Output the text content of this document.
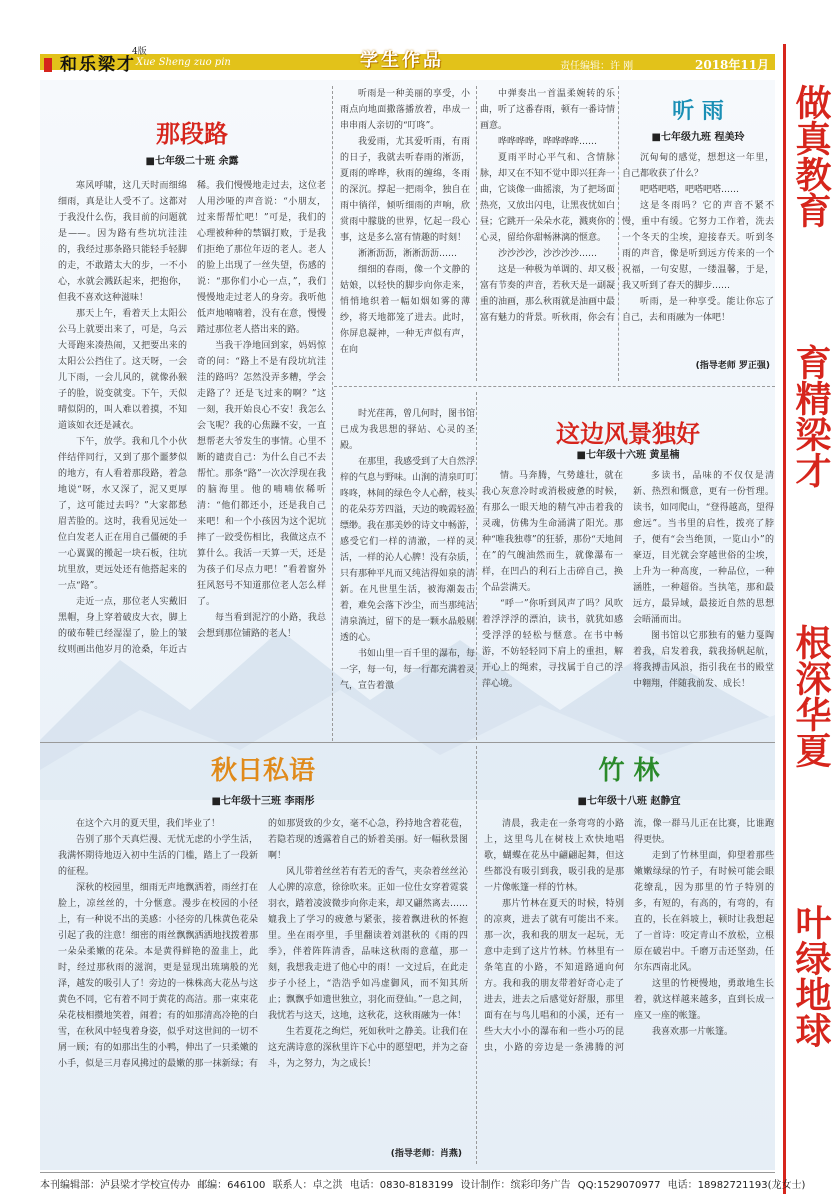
和乐梁才
4版
Xue Sheng zuo pin	学生作品	责任编辑：许 刚	2018年11月
做真教育
育精梁才
根深华夏
叶绿地球
那段路
■七年级二十班 余露

寒风呼啸，这几天时而细绵细雨，真是让人受不了。这都对于我没什么伤，我目前的问题就是——。因为路有些坑坑洼洼的，我经过那条路只能轻手轻脚的走，不敢踏太大的步，一不小心，水就会溅跃起来，把抱你，但我不喜欢这种滋味！

那天上午，看着天上太阳公公马上就要出来了，可是，乌云大哥跑来凑热闹，又把要出来的太阳公公挡住了。这天呀，一会儿下雨，一会儿风的，就像孙猴子的脸，说变就变。下午，天似晴似阴的，叫人难以着摸，不知道该如衣还是减衣。

下午，放学。我和几个小伙伴结伴同行，又到了那个噩梦似的地方，有人看着那段路，着急地说“呀，水又深了，泥又更厚了，这可能过去吗？”大家都愁眉苦脸的。这时，我看见远处一位白发老人正在用自己僵硬的手一心翼翼的搬起一块石板，往坑坑里放，更远处还有他搭起来的一点“路”。

走近一点，那位老人实戴旧黑帽，身上穿着破皮大衣，脚上的破布鞋已经湿湿了，脸上的皱纹则画出他岁月的沧桑，年近古稀。我们慢慢地走过去，这位老人用沙哑的声音说：“小朋友，过来帮帮忙吧！”可是，我们的心理被种种的禁锢打败，于是我们拒绝了那位年迈的老人。老人的脸上出现了一丝失望，伤感的说：“那你们小心一点，”，我们慢慢地走过老人的身旁。我听他低声地喃喃着，没有在意，慢慢踏过那位老人搭出来的路。

当我干净地回到家，妈妈惊奇的问：“路上不是有段坑坑洼洼的路吗？怎然没弄多糟，学会走路了？还是飞过来的啊？”这一刻，我开始良心不安！我怎么会飞呢？我的心焦躁不安，一直想帮老大爷发生的事情。心里不断的谴责自己：为什么自己不去帮忙。那条“路”一次次浮现在我的脑海里。他的喃喃依稀听清：“他们都还小，还是我自己来吧！和一个小孩因为这个泥坑摔了一跤受伤相比，我做这点不算什么。我活一天算一天，还是为孩子们尽点力吧！”看着窗外狂风怒号不知道那位老人怎么样了。

每当看到泥泞的小路，我总会想到那位铺路的老人！

听雨是一种美丽的享受，小雨点向地面撒落播放着，串成一串串雨人亲切的“叮咚”。

我爱雨，尤其爱听雨，有雨的日子，我就去听春雨的淅沥，夏雨的哗哗，秋雨的缠绵，冬雨的深沉。撑起一把雨伞，独自在雨中徜徉，倾听细雨的声响，欣赏雨中朦胧的世界，忆起一段心事，这是多么富有情趣的时刻！

淅淅沥沥，淅淅沥沥……

细细的春雨，像一个文静的姑娘，以轻快的脚步向你走来，悄悄地织着一幅如烟如雾的薄纱，将天地都笼了进去。此时，你屏息凝神，一种无声似有声，在向

中弹奏出一首温柔婉转的乐曲，听了这番春雨，顿有一番诗情画意。

哗哗哗哗，哗哗哗哗……

夏雨平时心平气和、含情脉脉，却又在不知不觉中即兴狂奔一曲，它谈像一曲摇滚，为了把场面热亮，又放出闪电，让黑夜忧如白昼；它跳开一朵朵水花，溅爽你的心灵，留给你甜畅淋漓的惬意。

沙沙沙沙，沙沙沙沙……

这是一种极为单调的、却又极富有节奏的声音，若秋天是一副凝重的油画，那么秋雨就是油画中最富有魅力的背景。听秋雨，你会有

听 雨
■七年级九班 程美玲

沉甸甸的感觉，想想这一年里，自己都收获了什么？

吧嗒吧嗒，吧嗒吧嗒……

这是冬雨吗？它的声音不紧不慢，重中有缓。它努力工作着，洗去一个冬天的尘埃，迎接春天。听到冬雨的声音，像是听到远方传来的一个祝福，一句安慰，一缕温馨，于是，我又听到了春天的脚步……

听雨，是一种享受。能让你忘了自己，去和雨融为一体吧！

(指导老师 罗正强)

时光荏苒，曾几何时，图书馆已成为我思想的驿站、心灵的圣殿。

在那里，我感受到了大自然浮梓的气息与野味。山涧的清泉叮叮咚咚，林间的绿色令人心醉，枝头的花朵芬芳四溢，天边的晚霞轻盈缥缈。我在那美妙的诗文中畅游，感受它们一样的清澈，一样的灵活，一样的沁人心脾！没有杂质，只有那种平凡而又纯洁得如泉的清新。在凡世里生活，被海潮轰击着，难免会落下沙尘，而当那纯洁清泉淌过，留下的是一颗水晶般剔透的心。

书如山里一百千里的瀑布，每一字，每一句，每一行都充满着灵气，宣告着激

这边风景独好
■七年级十六班 黄星楠

情。马奔腾，气势雄壮，就在我心灰意冷时或消极疲惫的时候，有那么一眼天地的精气冲击着我的灵魂，仿佛为生命涌满了阳光。那种“唯我独尊”的狂骄，那份“天地间在”的气魄油然而生，就像瀑布一样，在凹凸的利石上击碎自己，换个品尝满天。

“呼一”你听到风声了吗？风吹着浮浮浮的漂泊，读书，就犹如感受浮浮的轻松与惬意。在书中畅游，不妨轻轻同下肩上的重担，解开心上的绳索，寻找属于自己的浮萍心境。

多读书，品味的不仅仅是清新、热烈和慨意，更有一份哲理。读书，如同爬山，“登得越高，望得愈远”。当书里的启性，拨亮了脖子，便有“会当绝顶，一览山小”的豪迈，目光就会穿越世俗的尘埃，上升为一种高度，一种品位，一种涵胜，一种超俗。当执笔，那和最远方，最异域，最接近自然的思想会晤涌而出。

图书馆以它那独有的魅力戛陶着我，启发着我，载我扬帆起航，将我搏击风浪，指引我在书的殿堂中翱翔，伴随我前发、成长！

秋日私语
■七年级十三班 李雨彤

在这个六月的夏天里，我们毕业了！

告别了那个天真烂漫、无忧无虑的小学生活，我满怀期待地迈入初中生活的门槛，踏上了一段新的征程。

深秋的校园里，细雨无声地飘洒着，雨丝打在脸上，凉丝丝的，十分惬意。漫步在校园的小径上，有一种说不出的美感：小径旁的几株黄色花朵引起了我的注意！细密的雨丝飘飘洒洒地找拨着那一朵朵柔嫩的花朵。本是黄得鲜艳的盈韭上，此时，经过那秋雨的滋润，更是显现出琉璃般的光泽，越发的吸引人了！旁边的一株株高大花丛与这黄色不同，它有着不同于黄花的高洁。那一束束花朵花枝相攒地笑着，闹着；有的如那清高冷艳的白雪，在秋风中轻曳着身姿，似乎对这世间的一切不屑一顾；有的如那出生的小鸭，伸出了一只柔嫩的小手，似是三月春风拂过的最嫩的那一抹新绿；有的如那贤致的少女，毫不心急，矜持地含着花苞，若隐若现的透露着自己的娇着美丽。好一幅秋景图啊！

风儿带着丝丝若有若无的香气，夹杂着丝丝沁人心脾的凉意，徐徐吹来。正如一位仕女穿着霓裳羽衣，踏着凌波微步向你走来，却又翩然离去……媲我上了学习的疲惫与紧张，接着飘进秋的怀抱里。坐在雨亭里，手里翻读着刘湛秋的《雨的四季》，伴着阵阵清香，品味这秋雨的意蕴，那一刻，我想我走进了他心中的雨！一文过后，在此走步子小径上，“浩浩乎如冯虚御风，而不知其所止；飘飘乎如遗世独立，羽化而登仙。”一息之间，我忧若与这天，这地，这秋花，这秋雨融为一体！

生若夏花之绚烂，死如秋叶之静美。让我们在这充满诗意的深秋里许下心中的愿望吧，并为之奋斗，为之努力，为之成长！

(指导老师：肖燕)
竹 林
■七年级十八班 赵静宜

清晨，我走在一条弯弯的小路上，这里鸟儿在树枝上欢快地唱歌，蝴蝶在花丛中翩翩起舞，但这些都没有吸引到我，吸引我的是那一片像帐篷一样的竹林。

那片竹林在夏天的时候，特别的凉爽，进去了就有可能出不来。那一次，我和我的朋友一起玩，无意中走到了这片竹林。竹林里有一条笔直的小路，不知道路通向何方。我和我的朋友带着好奇心走了进去，进去之后感觉好舒服，那里面有在与鸟儿唱和的小溪，还有一些大大小小的瀑布和一些小巧的昆虫，小路的旁边是一条沸腾的河流，像一群马儿正在比赛，比谁跑得更快。

走到了竹林里面，仰望着那些嫩嫩绿绿的竹子，有时候可能会眼花缭乱，因为那里的竹子特别的多，有短的，有高的，有弯的，有直的，长在斜坡上，顿时让我想起了一首诗：咬定青山不放松，立根原在破岩中。千磨万击还坚劲，任尔东西南北风。

这里的竹梗慢地，勇敢地生长着，就这样越来越多，直到长成一座又一座的帐篷。

我喜欢那一片帐篷。

本刊编辑部：泸县梁才学校宣传办 邮编：646100 联系人：卓之洪 电话：0830-8183199 设计制作：缤彩印务广告 QQ:1529070977 电话：18982721193(龙女士)
